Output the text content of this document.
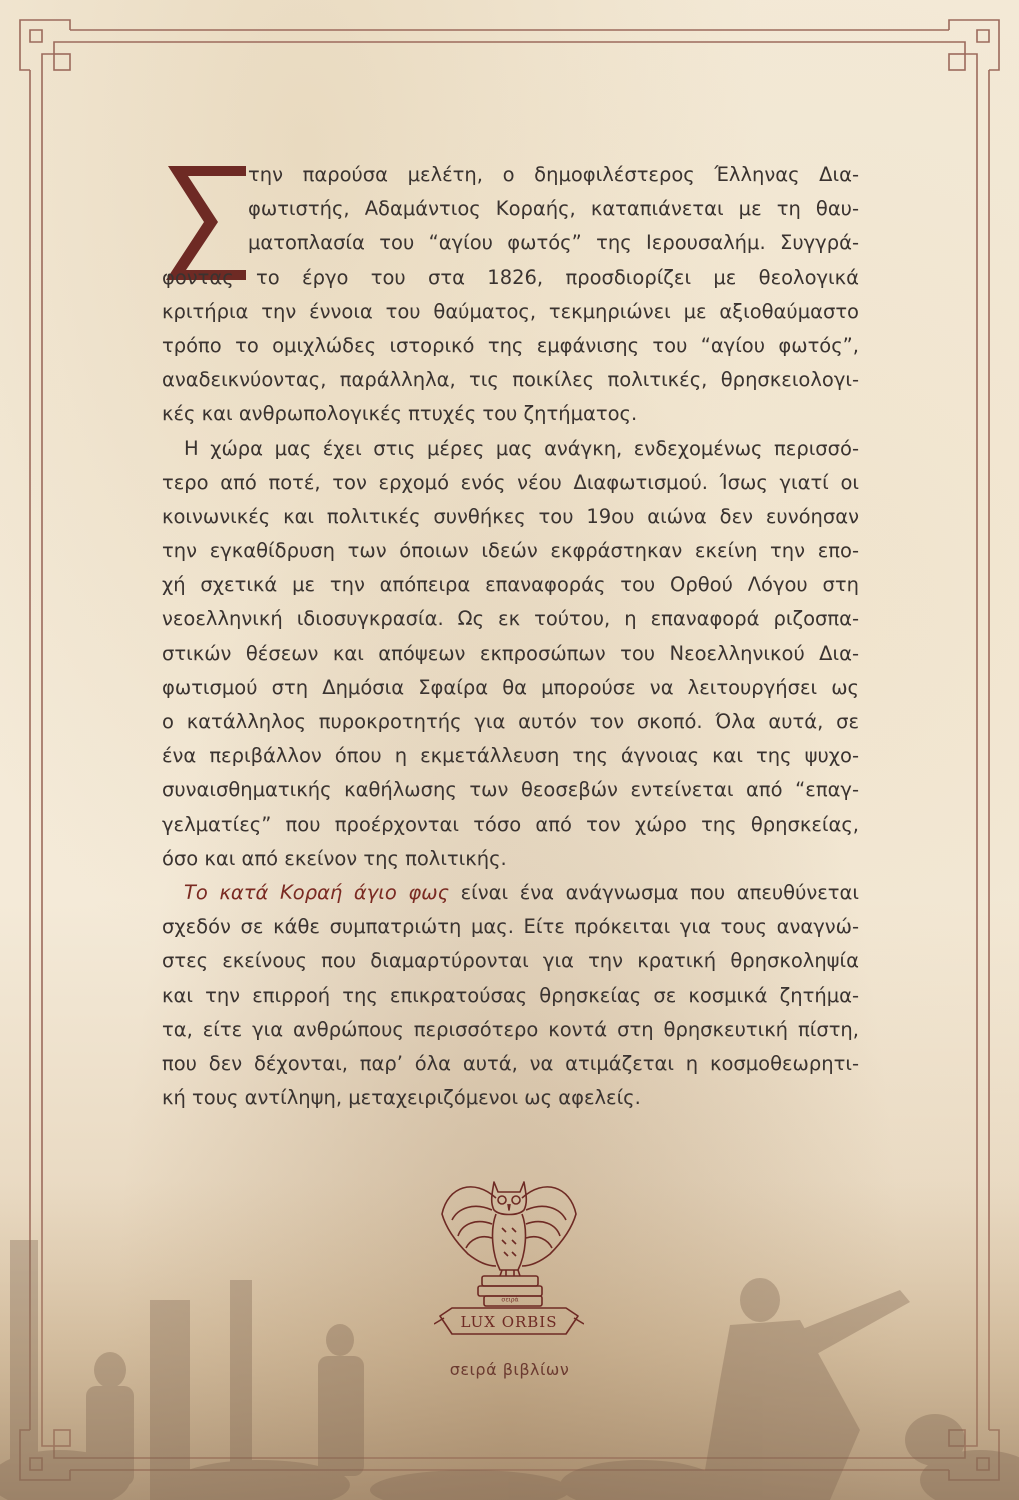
Σ
την παρούσα μελέτη, ο δημοφιλέστερος Έλληνας Δια-
φωτιστής, Αδαμάντιος Κοραής, καταπιάνεται με τη θαυ-
ματοπλασία του “αγίου φωτός” της Ιερουσαλήμ. Συγγρά-
φοντας το έργο του στα 1826, προσδιορίζει με θεολογικά
κριτήρια την έννοια του θαύματος, τεκμηριώνει με αξιοθαύμαστο
τρόπο το ομιχλώδες ιστορικό της εμφάνισης του “αγίου φωτός”,
αναδεικνύοντας, παράλληλα, τις ποικίλες πολιτικές, θρησκειολογι-
κές και ανθρωπολογικές πτυχές του ζητήματος.
Η χώρα μας έχει στις μέρες μας ανάγκη, ενδεχομένως περισσό-
τερο από ποτέ, τον ερχομό ενός νέου Διαφωτισμού. Ίσως γιατί οι
κοινωνικές και πολιτικές συνθήκες του 19ου αιώνα δεν ευνόησαν
την εγκαθίδρυση των όποιων ιδεών εκφράστηκαν εκείνη την επο-
χή σχετικά με την απόπειρα επαναφοράς του Ορθού Λόγου στη
νεοελληνική ιδιοσυγκρασία. Ως εκ τούτου, η επαναφορά ριζοσπα-
στικών θέσεων και απόψεων εκπροσώπων του Νεοελληνικού Δια-
φωτισμού στη Δημόσια Σφαίρα θα μπορούσε να λειτουργήσει ως
ο κατάλληλος πυροκροτητής για αυτόν τον σκοπό. Όλα αυτά, σε
ένα περιβάλλον όπου η εκμετάλλευση της άγνοιας και της ψυχο-
συναισθηματικής καθήλωσης των θεοσεβών εντείνεται από “επαγ-
γελματίες” που προέρχονται τόσο από τον χώρο της θρησκείας,
όσο και από εκείνον της πολιτικής.
Το κατά Κοραή άγιο φως είναι ένα ανάγνωσμα που απευθύνεται
σχεδόν σε κάθε συμπατριώτη μας. Είτε πρόκειται για τους αναγνώ-
στες εκείνους που διαμαρτύρονται για την κρατική θρησκοληψία
και την επιρροή της επικρατούσας θρησκείας σε κοσμικά ζητήμα-
τα, είτε για ανθρώπους περισσότερο κοντά στη θρησκευτική πίστη,
που δεν δέχονται, παρ’ όλα αυτά, να ατιμάζεται η κοσμοθεωρητι-
κή τους αντίληψη, μεταχειριζόμενοι ως αφελείς.
σειρά
LUX ORBIS
σειρά βιβλίων
